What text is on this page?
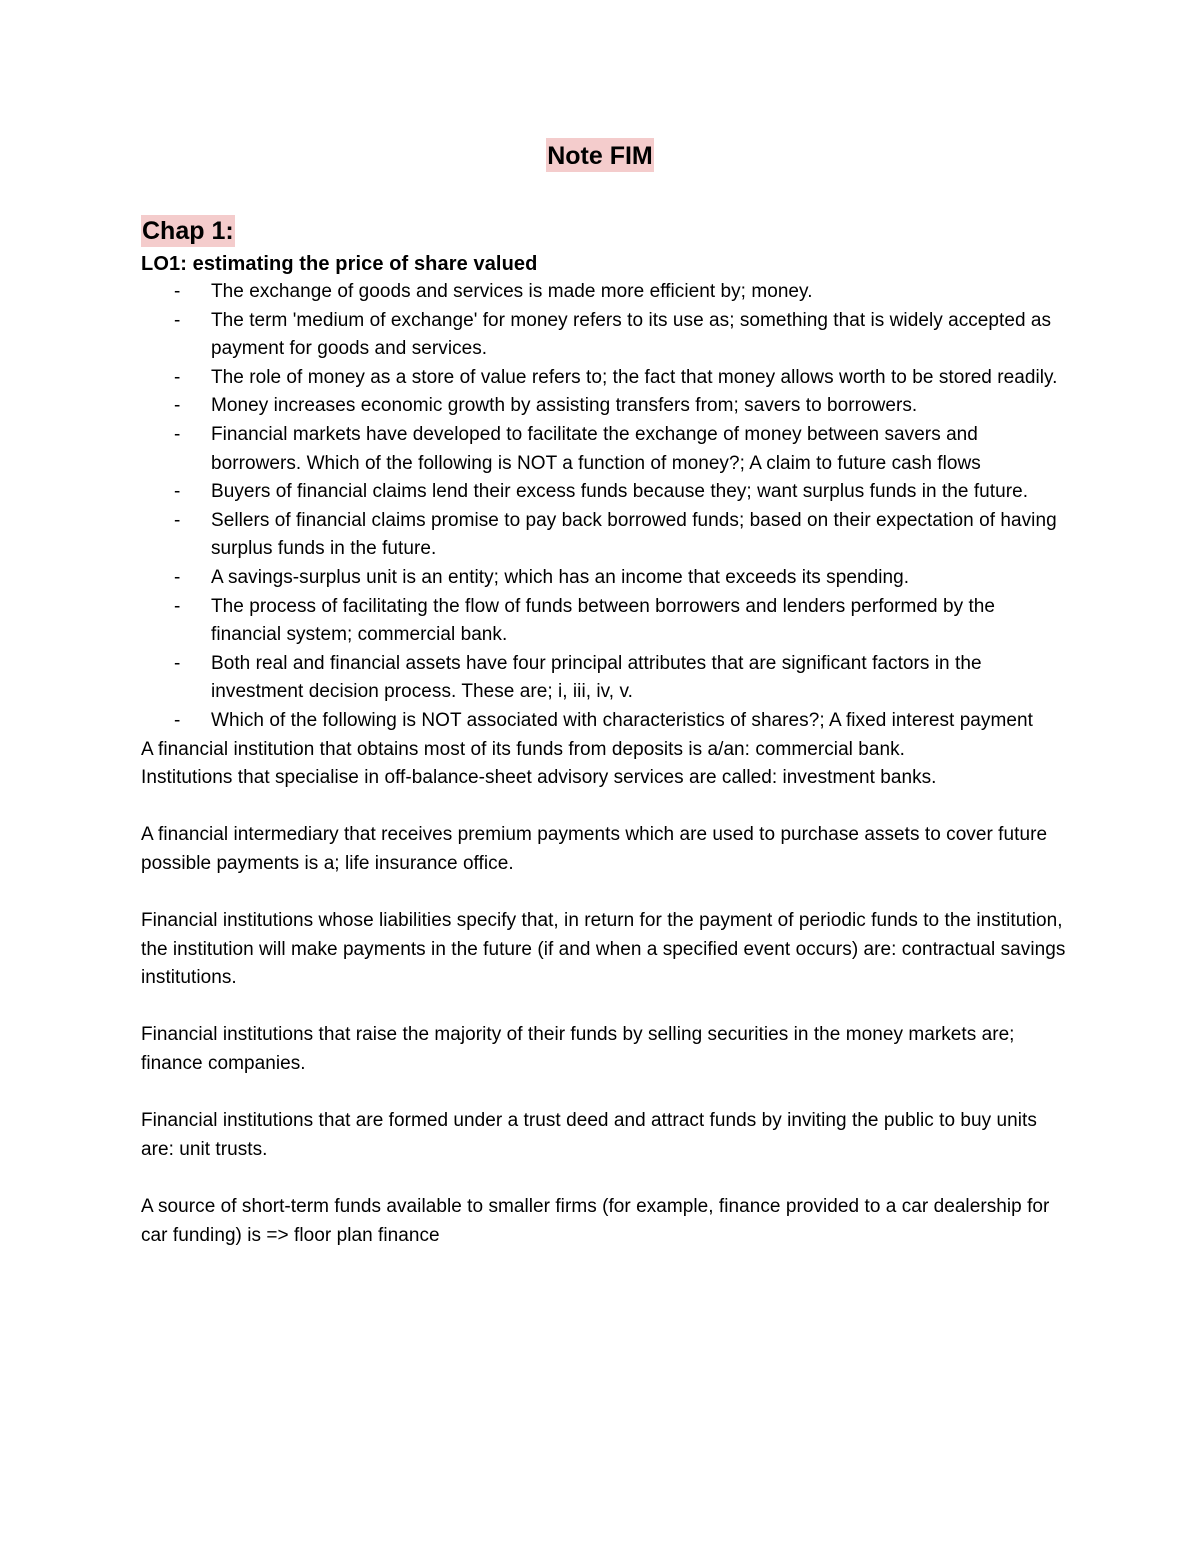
Note FIM
Chap 1:
LO1: estimating the price of share valued
- The exchange of goods and services is made more efficient by; money.
- The term 'medium of exchange' for money refers to its use as; something that is widely accepted as payment for goods and services.
- The role of money as a store of value refers to; the fact that money allows worth to be stored readily.
- Money increases economic growth by assisting transfers from; savers to borrowers.
- Financial markets have developed to facilitate the exchange of money between savers and borrowers. Which of the following is NOT a function of money?; A claim to future cash flows
- Buyers of financial claims lend their excess funds because they; want surplus funds in the future.
- Sellers of financial claims promise to pay back borrowed funds; based on their expectation of having surplus funds in the future.
- A savings-surplus unit is an entity; which has an income that exceeds its spending.
- The process of facilitating the flow of funds between borrowers and lenders performed by the financial system; commercial bank.
- Both real and financial assets have four principal attributes that are significant factors in the investment decision process. These are; i, iii, iv, v.
- Which of the following is NOT associated with characteristics of shares?; A fixed interest payment

A financial institution that obtains most of its funds from deposits is a/an: commercial bank.

Institutions that specialise in off-balance-sheet advisory services are called: investment banks.

A financial intermediary that receives premium payments which are used to purchase assets to cover future possible payments is a; life insurance office.

Financial institutions whose liabilities specify that, in return for the payment of periodic funds to the institution, the institution will make payments in the future (if and when a specified event occurs) are: contractual savings institutions.

Financial institutions that raise the majority of their funds by selling securities in the money markets are; finance companies.

Financial institutions that are formed under a trust deed and attract funds by inviting the public to buy units are: unit trusts.

A source of short-term funds available to smaller firms (for example, finance provided to a car dealership for car funding) is => floor plan finance
